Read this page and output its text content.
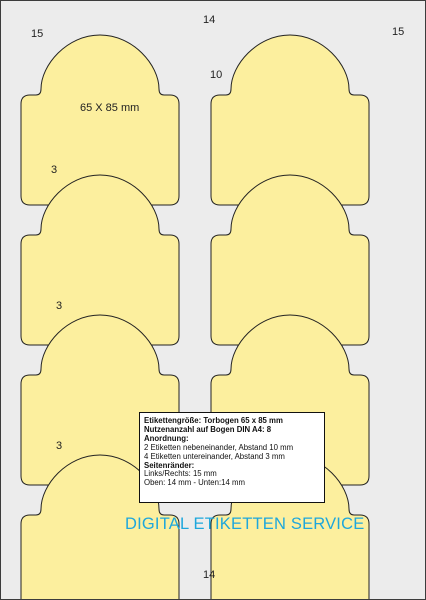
14
15	15
10
3
3
3
14
65 X 85 mm
Etikettengröße: Torbogen 65 x 85 mm
Nutzenanzahl auf Bogen DIN A4: 8
Anordnung:
2 Etiketten nebeneinander, Abstand 10 mm
4 Etiketten untereinander, Abstand 3 mm
Seitenränder:
Links/Rechts: 15 mm
Oben: 14 mm - Unten:14 mm
DIGITAL ETIKETTEN SERVICE
